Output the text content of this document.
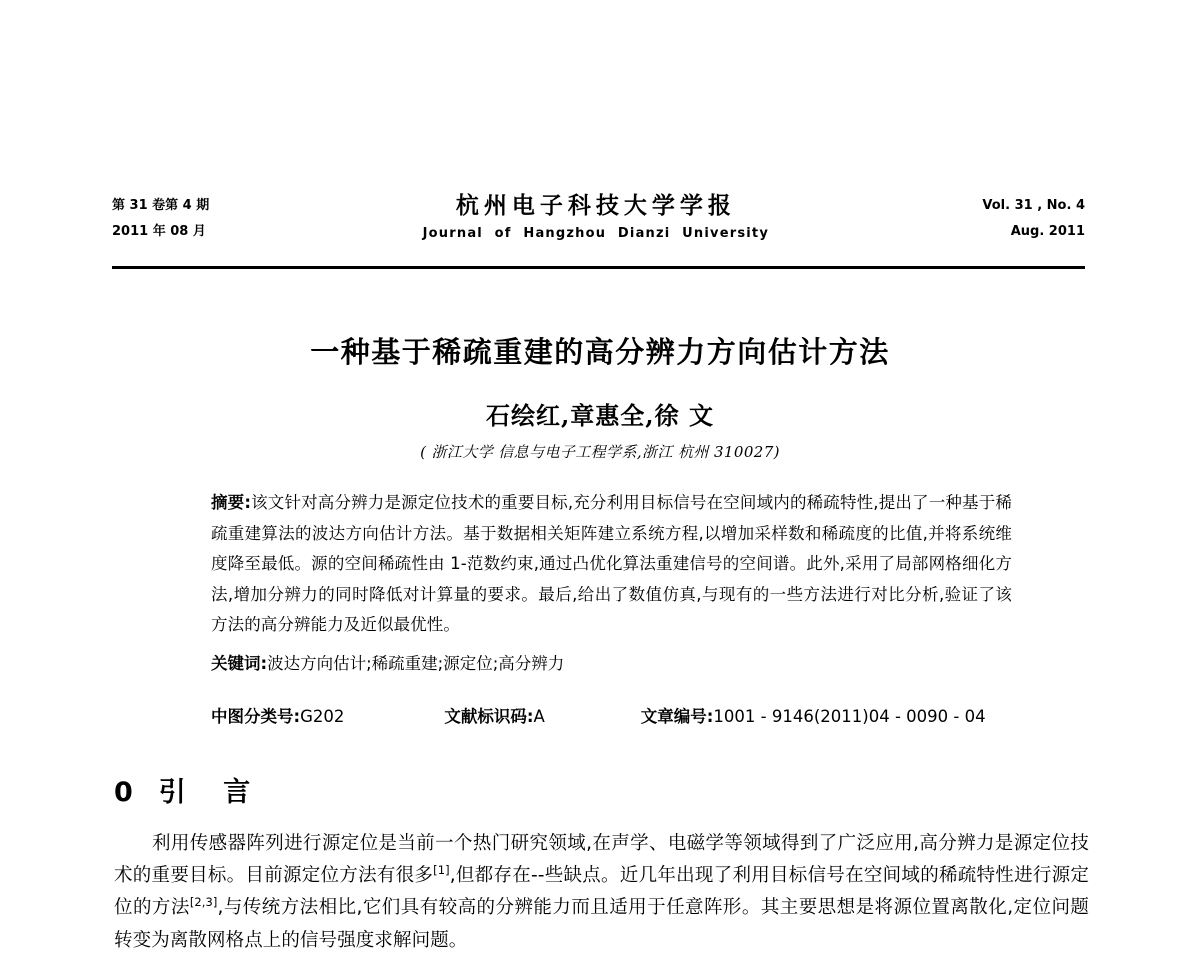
第 31 卷第 4 期
2011 年 08 月
杭州电子科技大学学报
Journal of Hangzhou Dianzi University
Vol. 31 , No. 4
Aug. 2011
一种基于稀疏重建的高分辨力方向估计方法
石绘红,章惠全,徐 文
( 浙江大学 信息与电子工程学系,浙江 杭州 310027)

摘要:该文针对高分辨力是源定位技术的重要目标,充分利用目标信号在空间域内的稀疏特性,提出了一种基于稀疏重建算法的波达方向估计方法。基于数据相关矩阵建立系统方程,以增加采样数和稀疏度的比值,并将系统维度降至最低。源的空间稀疏性由 1-范数约束,通过凸优化算法重建信号的空间谱。此外,采用了局部网格细化方法,增加分辨力的同时降低对计算量的要求。最后,给出了数值仿真,与现有的一些方法进行对比分析,验证了该方法的高分辨能力及近似最优性。

关键词:波达方向估计;稀疏重建;源定位;高分辨力

中图分类号:G202	文献标识码:A	文章编号:1001 - 9146(2011)04 - 0090 - 04
0 引 言

利用传感器阵列进行源定位是当前一个热门研究领域,在声学、电磁学等领域得到了广泛应用,高分辨力是源定位技术的重要目标。目前源定位方法有很多[1],但都存在--些缺点。近几年出现了利用目标信号在空间域的稀疏特性进行源定位的方法[2,3],与传统方法相比,它们具有较高的分辨能力而且适用于任意阵形。其主要思想是将源位置离散化,定位问题转变为离散网格点上的信号强度求解问题。
